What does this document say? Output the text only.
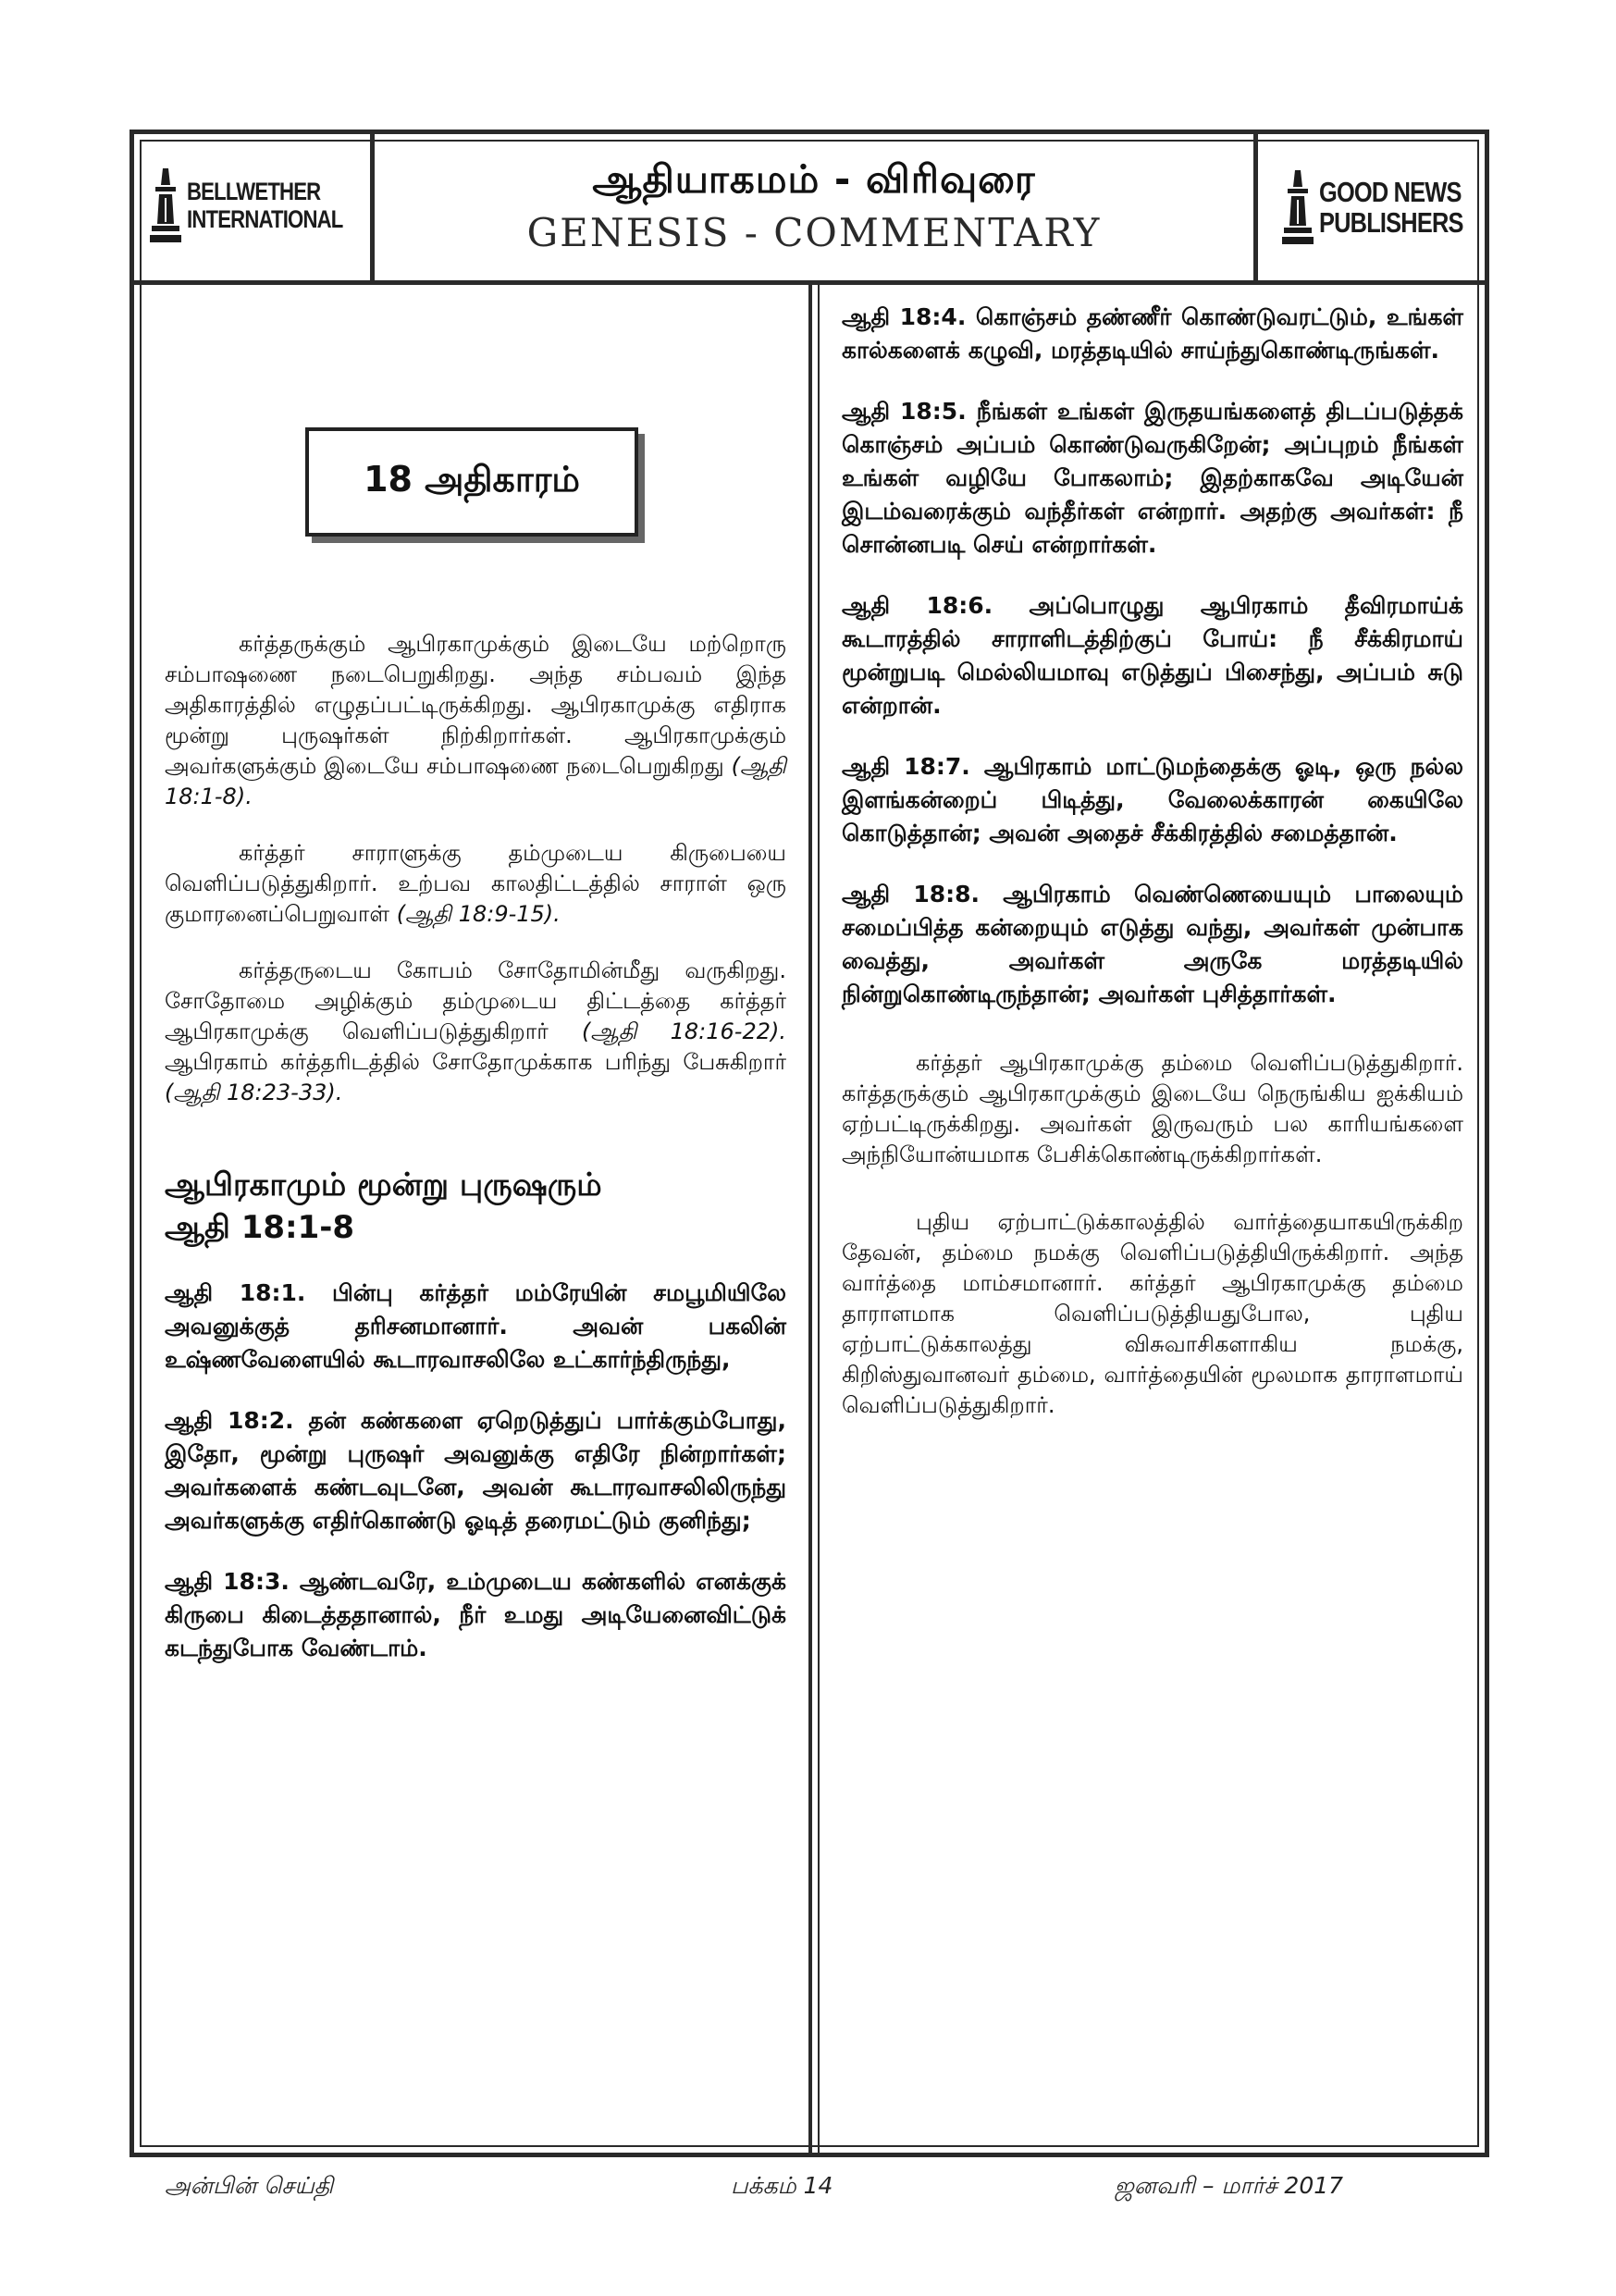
BELLWETHER
INTERNATIONAL
ஆதியாகமம் - விரிவுரை
GENESIS - COMMENTARY
GOOD NEWS
PUBLISHERS
18 அதிகாரம்

கர்த்தருக்கும் ஆபிரகாமுக்கும் இடையே மற்றொரு சம்பாஷணை நடைபெறுகிறது. அந்த சம்பவம் இந்த அதிகாரத்தில் எழுதப்பட்டிருக்கிறது. ஆபிரகாமுக்கு எதிராக மூன்று புருஷர்கள் நிற்கிறார்கள். ஆபிரகாமுக்கும் அவர்களுக்கும் இடையே சம்பாஷணை நடைபெறுகிறது (ஆதி 18:1-8).

கர்த்தர் சாராளுக்கு தம்முடைய கிருபையை வெளிப்படுத்துகிறார். உற்பவ காலதிட்டத்தில் சாராள் ஒரு குமாரனைப்பெறுவாள் (ஆதி 18:9-15).

கர்த்தருடைய கோபம் சோதோமின்மீது வருகிறது. சோதோமை அழிக்கும் தம்முடைய திட்டத்தை கர்த்தர் ஆபிரகாமுக்கு வெளிப்படுத்துகிறார் (ஆதி 18:16-22). ஆபிரகாம் கர்த்தரிடத்தில் சோதோமுக்காக பரிந்து பேசுகிறார் (ஆதி 18:23-33).

ஆபிரகாமும் மூன்று புருஷரும்
ஆதி 18:1-8

ஆதி 18:1. பின்பு கர்த்தர் மம்ரேயின் சமபூமியிலே அவனுக்குத் தரிசனமானார். அவன் பகலின் உஷ்ணவேளையில் கூடாரவாசலிலே உட்கார்ந்திருந்து,

ஆதி 18:2. தன் கண்களை ஏறெடுத்துப் பார்க்கும்போது, இதோ, மூன்று புருஷர் அவனுக்கு எதிரே நின்றார்கள்; அவர்களைக் கண்டவுடனே, அவன் கூடாரவாசலிலிருந்து அவர்களுக்கு எதிர்கொண்டு ஓடித் தரைமட்டும் குனிந்து;

ஆதி 18:3. ஆண்டவரே, உம்முடைய கண்களில் எனக்குக் கிருபை கிடைத்ததானால், நீர் உமது அடியேனைவிட்டுக் கடந்துபோக வேண்டாம்.

ஆதி 18:4. கொஞ்சம் தண்ணீர் கொண்டுவரட்டும், உங்கள் கால்களைக் கழுவி, மரத்தடியில் சாய்ந்துகொண்டிருங்கள்.

ஆதி 18:5. நீங்கள் உங்கள் இருதயங்களைத் திடப்படுத்தக் கொஞ்சம் அப்பம் கொண்டுவருகிறேன்; அப்புறம் நீங்கள் உங்கள் வழியே போகலாம்; இதற்காகவே அடியேன் இடம்வரைக்கும் வந்தீர்கள் என்றார். அதற்கு அவர்கள்: நீ சொன்னபடி செய் என்றார்கள்.

ஆதி 18:6. அப்பொழுது ஆபிரகாம் தீவிரமாய்க் கூடாரத்தில் சாராளிடத்திற்குப் போய்: நீ சீக்கிரமாய் மூன்றுபடி மெல்லியமாவு எடுத்துப் பிசைந்து, அப்பம் சுடு என்றான்.

ஆதி 18:7. ஆபிரகாம் மாட்டுமந்தைக்கு ஓடி, ஒரு நல்ல இளங்கன்றைப் பிடித்து, வேலைக்காரன் கையிலே கொடுத்தான்; அவன் அதைச் சீக்கிரத்தில் சமைத்தான்.

ஆதி 18:8. ஆபிரகாம் வெண்ணெயையும் பாலையும் சமைப்பித்த கன்றையும் எடுத்து வந்து, அவர்கள் முன்பாக வைத்து, அவர்கள் அருகே மரத்தடியில் நின்றுகொண்டிருந்தான்; அவர்கள் புசித்தார்கள்.

கர்த்தர் ஆபிரகாமுக்கு தம்மை வெளிப்படுத்துகிறார். கர்த்தருக்கும் ஆபிரகாமுக்கும் இடையே நெருங்கிய ஐக்கியம் ஏற்பட்டிருக்கிறது. அவர்கள் இருவரும் பல காரியங்களை அந்நியோன்யமாக பேசிக்கொண்டிருக்கிறார்கள்.

புதிய ஏற்பாட்டுக்காலத்தில் வார்த்தையாகயிருக்கிற தேவன், தம்மை நமக்கு வெளிப்படுத்தியிருக்கிறார். அந்த வார்த்தை மாம்சமானார். கர்த்தர் ஆபிரகாமுக்கு தம்மை தாராளமாக வெளிப்படுத்தியதுபோல, புதிய ஏற்பாட்டுக்காலத்து விசுவாசிகளாகிய நமக்கு, கிறிஸ்துவானவர் தம்மை, வார்த்தையின் மூலமாக தாராளமாய் வெளிப்படுத்துகிறார்.

அன்பின் செய்தி	பக்கம் 14	ஜனவரி – மார்ச் 2017
